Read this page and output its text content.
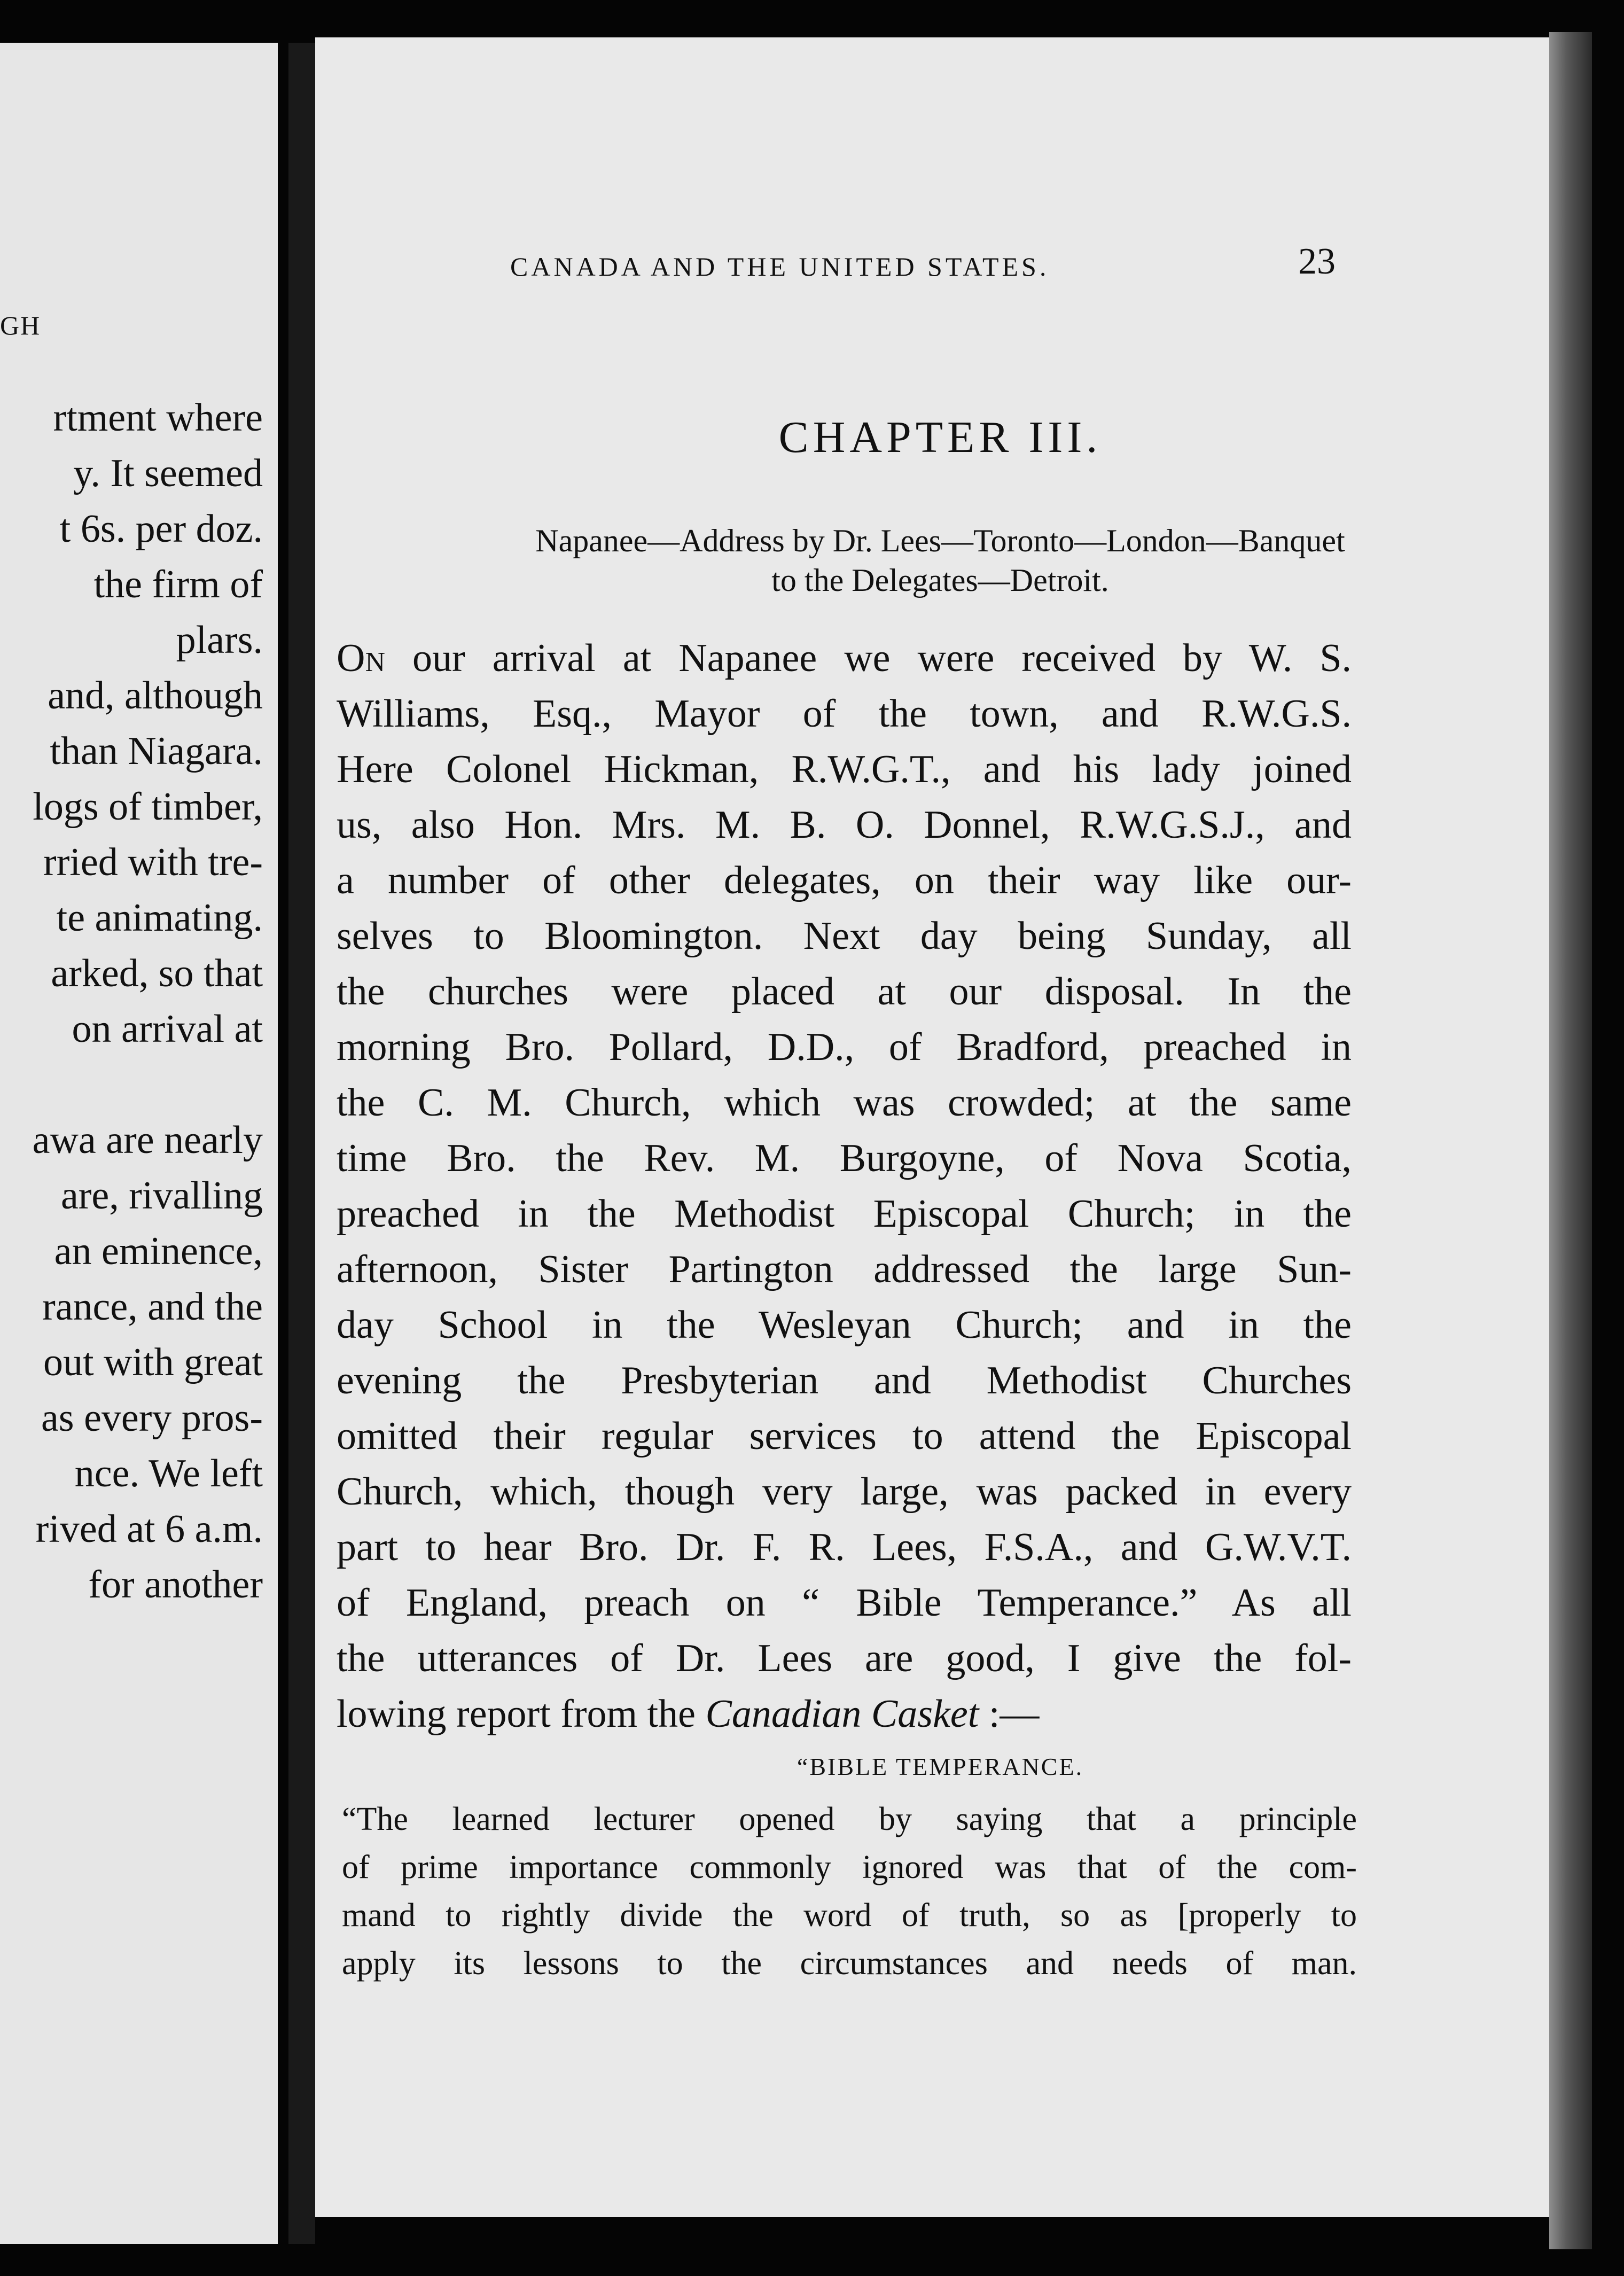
GH
rtment where
y. It seemed
t 6s. per doz.
the firm of
plars.
and, although
than Niagara.
logs of timber,
rried with tre-
te animating.
arked, so that
on arrival at
awa are nearly
are, rivalling
an eminence,
rance, and the
out with great
as every pros-
nce. We left
rived at 6 a.m.
for another
CANADA AND THE UNITED STATES.	23
CHAPTER III.
Napanee—Address by Dr. Lees—Toronto—London—Banquet
to the Delegates—Detroit.
On our arrival at Napanee we were received by W. S.
Williams, Esq., Mayor of the town, and R.W.G.S.
Here Colonel Hickman, R.W.G.T., and his lady joined
us, also Hon. Mrs. M. B. O. Donnel, R.W.G.S.J., and
a number of other delegates, on their way like our-
selves to Bloomington. Next day being Sunday, all
the churches were placed at our disposal. In the
morning Bro. Pollard, D.D., of Bradford, preached in
the C. M. Church, which was crowded; at the same
time Bro. the Rev. M. Burgoyne, of Nova Scotia,
preached in the Methodist Episcopal Church; in the
afternoon, Sister Partington addressed the large Sun-
day School in the Wesleyan Church; and in the
evening the Presbyterian and Methodist Churches
omitted their regular services to attend the Episcopal
Church, which, though very large, was packed in every
part to hear Bro. Dr. F. R. Lees, F.S.A., and G.W.V.T.
of England, preach on “ Bible Temperance.” As all
the utterances of Dr. Lees are good, I give the fol-
lowing report from the Canadian Casket :—
“BIBLE TEMPERANCE.
“The learned lecturer opened by saying that a principle
of prime importance commonly ignored was that of the com-
mand to rightly divide the word of truth, so as [properly to
apply its lessons to the circumstances and needs of man.
